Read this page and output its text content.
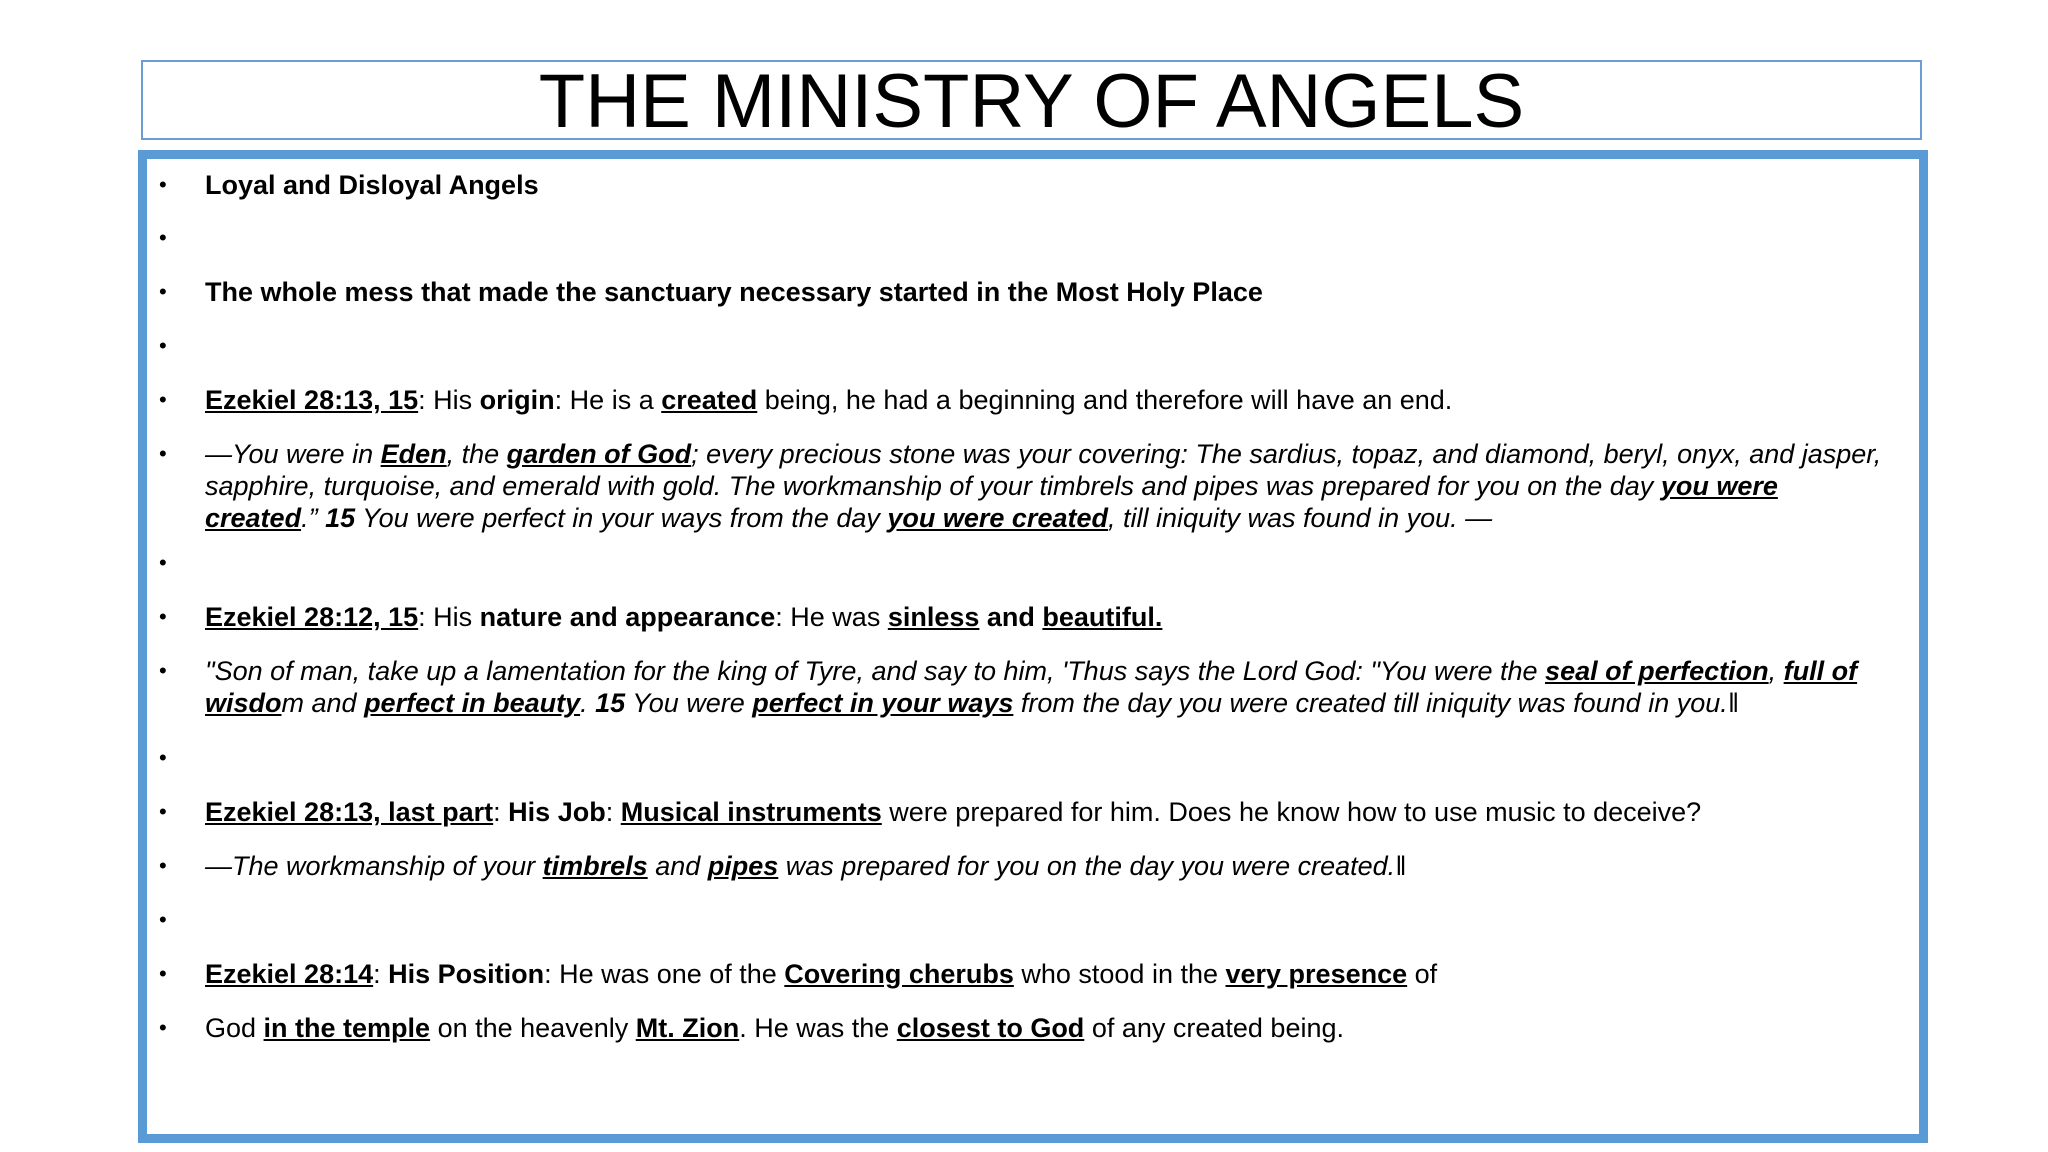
THE MINISTRY OF ANGELS
•	Loyal and Disloyal Angels
•
•	The whole mess that made the sanctuary necessary started in the Most Holy Place
•
•	Ezekiel 28:13, 15: His origin: He is a created being, he had a beginning and therefore will have an end.
•	—You were in Eden, the garden of God; every precious stone was your covering: The sardius, topaz, and diamond, beryl, onyx, and jasper, sapphire, turquoise, and emerald with gold. The workmanship of your timbrels and pipes was prepared for you on the day you were created.” 15 You were perfect in your ways from the day you were created, till iniquity was found in you. —
•
•	Ezekiel 28:12, 15: His nature and appearance: He was sinless and beautiful.
•	"Son of man, take up a lamentation for the king of Tyre, and say to him, 'Thus says the Lord God: "You were the seal of perfection, full of wisdom and perfect in beauty. 15 You were perfect in your ways from the day you were created till iniquity was found in you.‖
•
•	Ezekiel 28:13, last part: His Job: Musical instruments were prepared for him. Does he know how to use music to deceive?
•	—The workmanship of your timbrels and pipes was prepared for you on the day you were created.‖
•
•	Ezekiel 28:14: His Position: He was one of the Covering cherubs who stood in the very presence of
•	God in the temple on the heavenly Mt. Zion. He was the closest to God of any created being.
